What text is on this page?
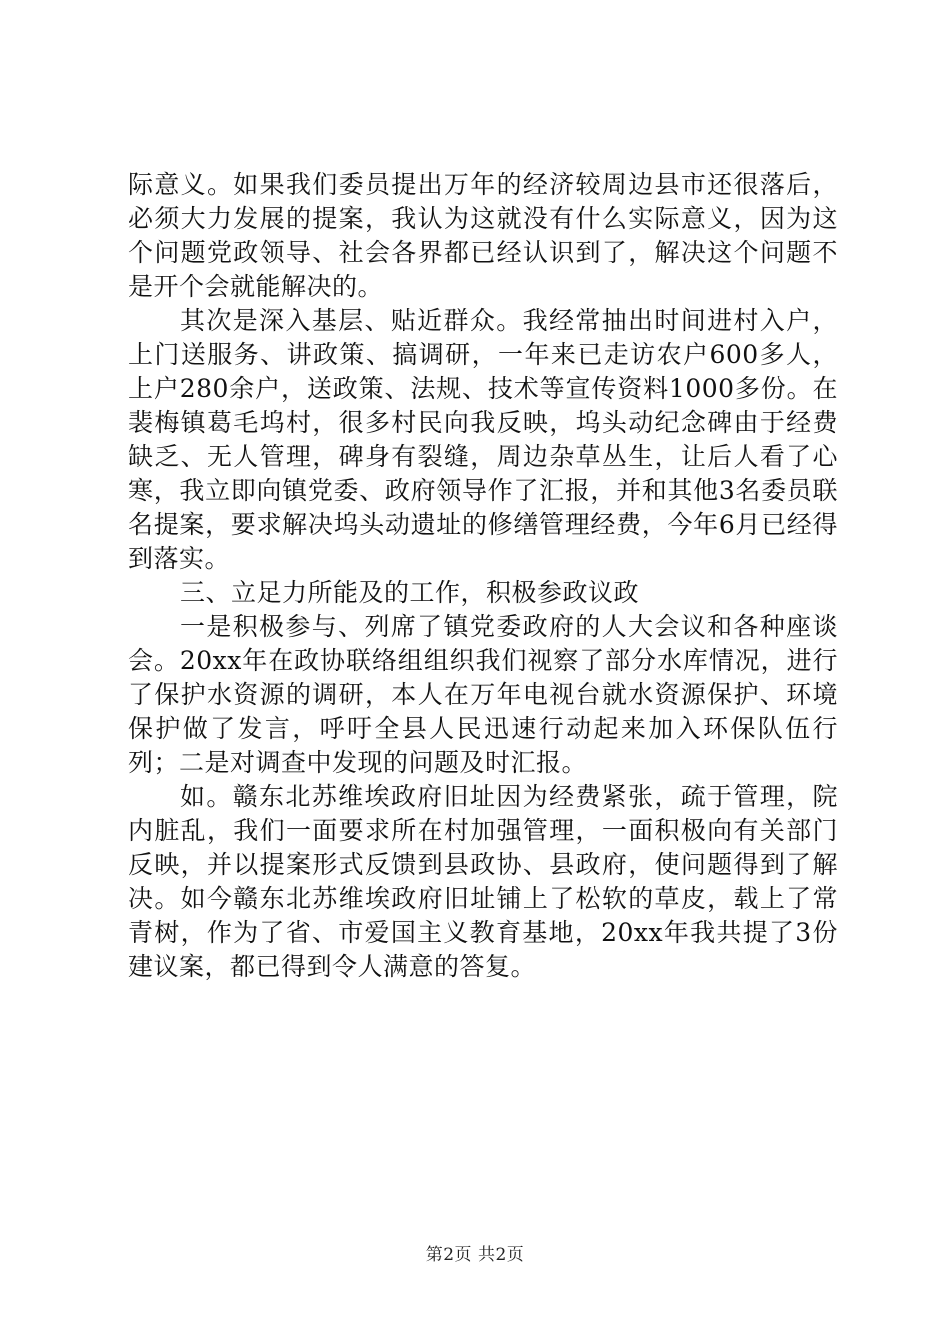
际意义。如果我们委员提出万年的经济较周边县市还很落后，必须大力发展的提案，我认为这就没有什么实际意义，因为这个问题党政领导、社会各界都已经认识到了，解决这个问题不是开个会就能解决的。

其次是深入基层、贴近群众。我经常抽出时间进村入户，上门送服务、讲政策、搞调研，一年来已走访农户600多人，上户280余户，送政策、法规、技术等宣传资料1000多份。在裴梅镇葛毛坞村，很多村民向我反映，坞头动纪念碑由于经费缺乏、无人管理，碑身有裂缝，周边杂草丛生，让后人看了心寒，我立即向镇党委、政府领导作了汇报，并和其他3名委员联名提案，要求解决坞头动遗址的修缮管理经费，今年6月已经得到落实。

三、立足力所能及的工作，积极参政议政

一是积极参与、列席了镇党委政府的人大会议和各种座谈会。20xx年在政协联络组组织我们视察了部分水库情况，进行了保护水资源的调研，本人在万年电视台就水资源保护、环境保护做了发言，呼吁全县人民迅速行动起来加入环保队伍行列；二是对调查中发现的问题及时汇报。

如。赣东北苏维埃政府旧址因为经费紧张，疏于管理，院内脏乱，我们一面要求所在村加强管理，一面积极向有关部门反映，并以提案形式反馈到县政协、县政府，使问题得到了解决。如今赣东北苏维埃政府旧址铺上了松软的草皮，载上了常青树，作为了省、市爱国主义教育基地，20xx年我共提了3份建议案，都已得到令人满意的答复。

第2页 共2页
